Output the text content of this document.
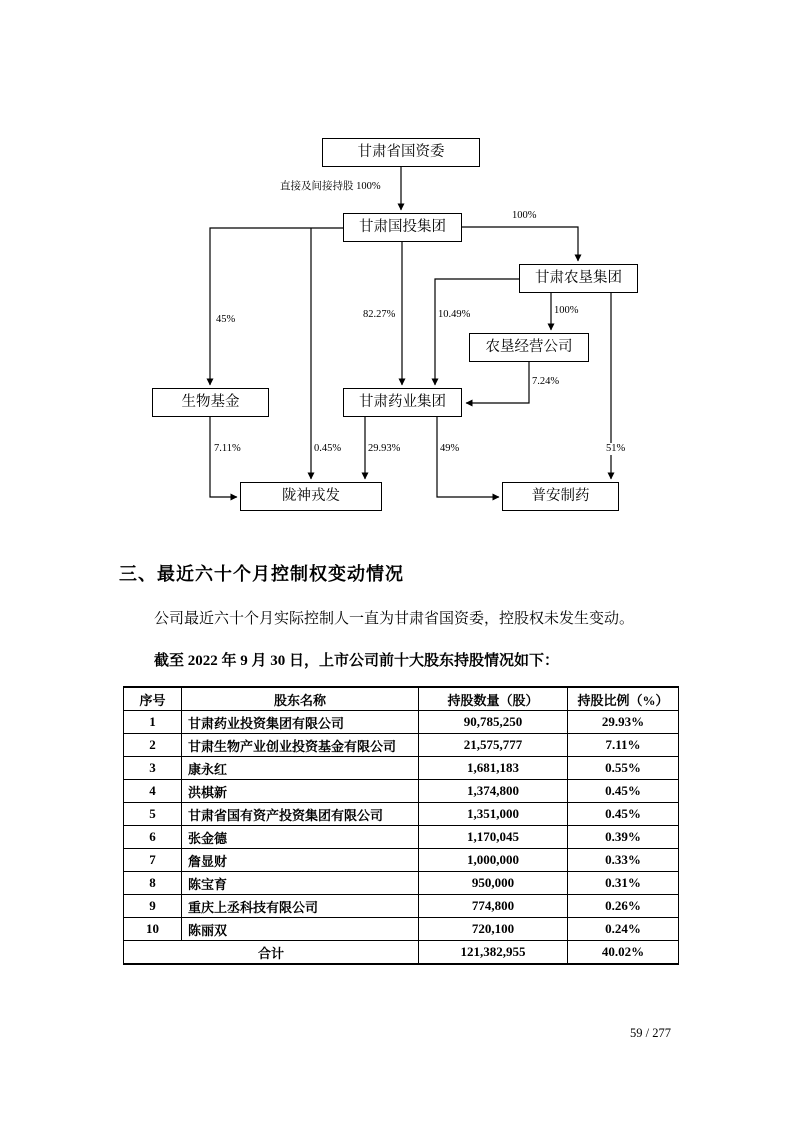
甘肃省国资委
甘肃国投集团
甘肃农垦集团
农垦经营公司
生物基金	甘肃药业集团
陇神戎发	普安制药
直接及间接持股 100%
100%
45%	82.27%	10.49%	100%
7.24%
7.11%	0.45%	29.93%	49%	51%
三、最近六十个月控制权变动情况
公司最近六十个月实际控制人一直为甘肃省国资委，控股权未发生变动。
截至 2022 年 9 月 30 日，上市公司前十大股东持股情况如下：
序号	股东名称	持股数量（股）	持股比例（%）
1	甘肃药业投资集团有限公司	90,785,250	29.93%
2	甘肃生物产业创业投资基金有限公司	21,575,777	7.11%
3	康永红	1,681,183	0.55%
4	洪棋新	1,374,800	0.45%
5	甘肃省国有资产投资集团有限公司	1,351,000	0.45%
6	张金德	1,170,045	0.39%
7	詹显财	1,000,000	0.33%
8	陈宝育	950,000	0.31%
9	重庆上丞科技有限公司	774,800	0.26%
10	陈丽双	720,100	0.24%
合计		121,382,955	40.02%
59 / 277
